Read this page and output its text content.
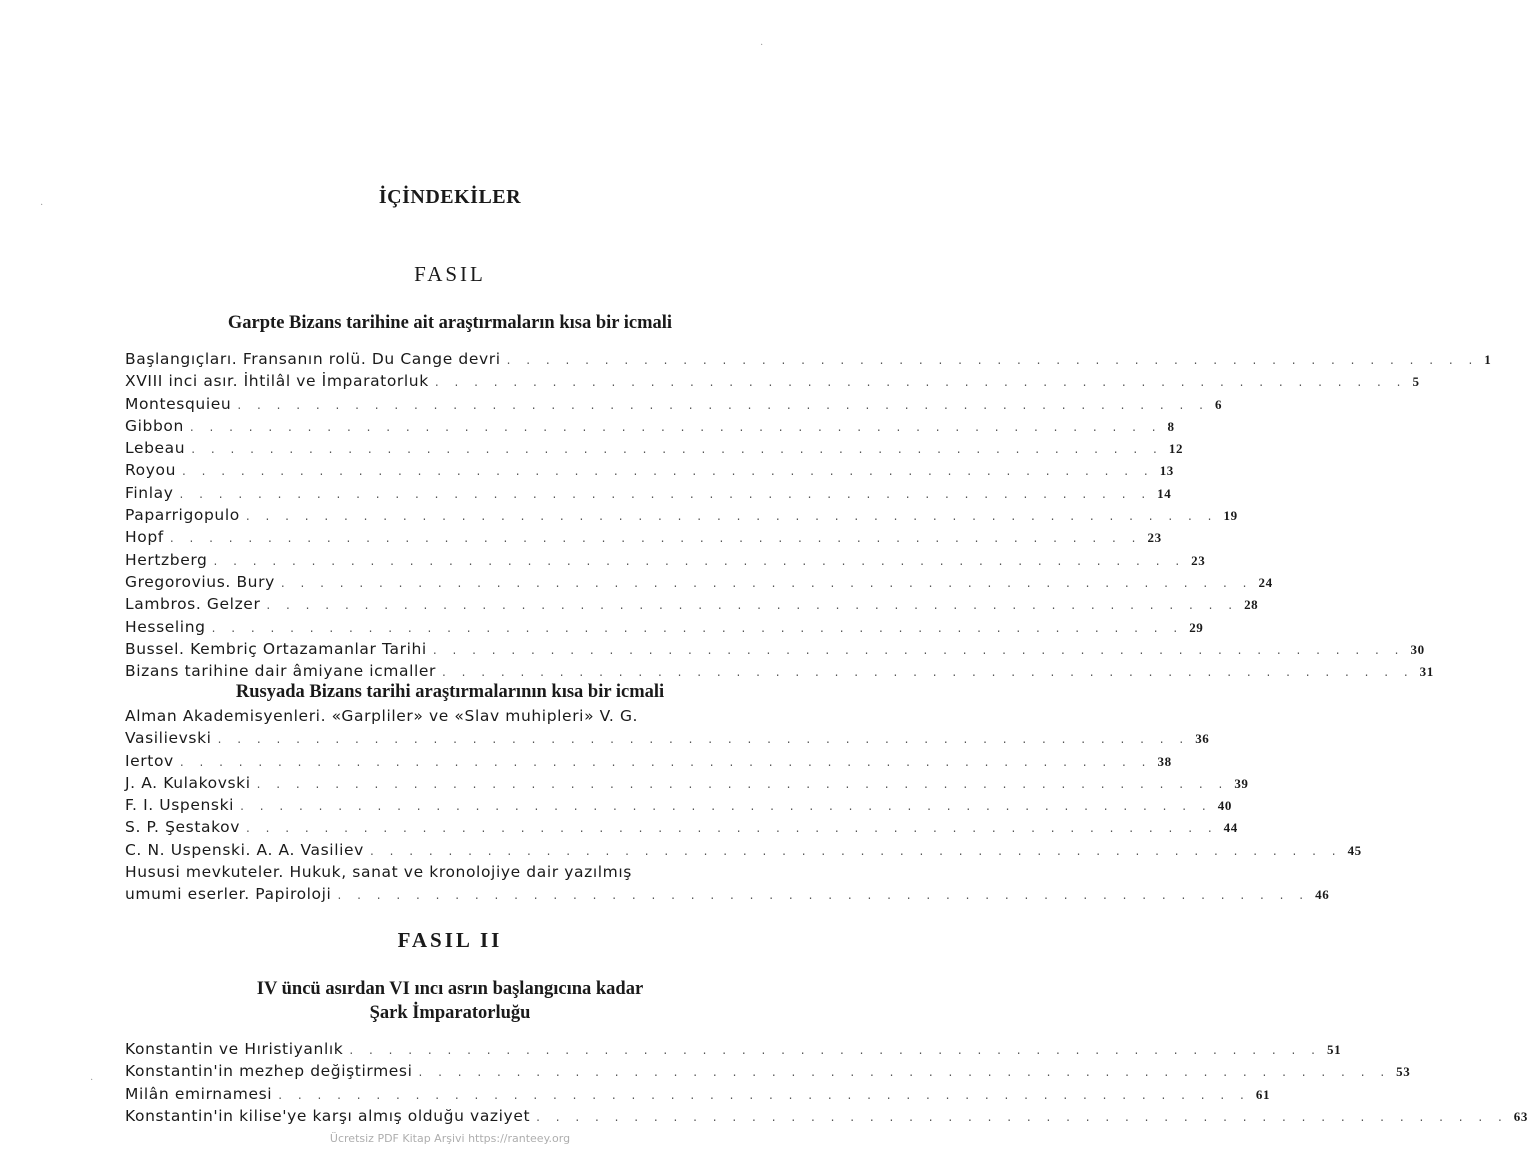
İÇİNDEKİLER
FASIL
Garpte Bizans tarihine ait araştırmaların kısa bir icmali
Başlangıçları. Fransanın rolü. Du Cange devri . . . . . . . . . . . . . . . . . . . . . . . . . . . . . . . . . . . . . . . . . . . . . . . . . . 1
XVIII inci asır. İhtilâl ve İmparatorluk . . . . . . . . . . . . . . . . . . . . . . . . . . . . . . . . . . . . . . . . . . . . . . . . . . 5
Montesquieu . . . . . . . . . . . . . . . . . . . . . . . . . . . . . . . . . . . . . . . . . . . . . . . . . . 6
Gibbon . . . . . . . . . . . . . . . . . . . . . . . . . . . . . . . . . . . . . . . . . . . . . . . . . . 8
Lebeau . . . . . . . . . . . . . . . . . . . . . . . . . . . . . . . . . . . . . . . . . . . . . . . . . . 12
Royou . . . . . . . . . . . . . . . . . . . . . . . . . . . . . . . . . . . . . . . . . . . . . . . . . . 13
Finlay . . . . . . . . . . . . . . . . . . . . . . . . . . . . . . . . . . . . . . . . . . . . . . . . . . 14
Paparrigopulo . . . . . . . . . . . . . . . . . . . . . . . . . . . . . . . . . . . . . . . . . . . . . . . . . . 19
Hopf . . . . . . . . . . . . . . . . . . . . . . . . . . . . . . . . . . . . . . . . . . . . . . . . . . 23
Hertzberg . . . . . . . . . . . . . . . . . . . . . . . . . . . . . . . . . . . . . . . . . . . . . . . . . . 23
Gregorovius. Bury . . . . . . . . . . . . . . . . . . . . . . . . . . . . . . . . . . . . . . . . . . . . . . . . . . 24
Lambros. Gelzer . . . . . . . . . . . . . . . . . . . . . . . . . . . . . . . . . . . . . . . . . . . . . . . . . . 28
Hesseling . . . . . . . . . . . . . . . . . . . . . . . . . . . . . . . . . . . . . . . . . . . . . . . . . . 29
Bussel. Kembriç Ortazamanlar Tarihi . . . . . . . . . . . . . . . . . . . . . . . . . . . . . . . . . . . . . . . . . . . . . . . . . . 30
Bizans tarihine dair âmiyane icmaller . . . . . . . . . . . . . . . . . . . . . . . . . . . . . . . . . . . . . . . . . . . . . . . . . . 31
Rusyada Bizans tarihi araştırmalarının kısa bir icmali
Alman Akademisyenleri. «Garpliler» ve «Slav muhipleri» V. G.
Vasilievski . . . . . . . . . . . . . . . . . . . . . . . . . . . . . . . . . . . . . . . . . . . . . . . . . . 36
Iertov . . . . . . . . . . . . . . . . . . . . . . . . . . . . . . . . . . . . . . . . . . . . . . . . . . 38
J. A. Kulakovski . . . . . . . . . . . . . . . . . . . . . . . . . . . . . . . . . . . . . . . . . . . . . . . . . . 39
F. I. Uspenski . . . . . . . . . . . . . . . . . . . . . . . . . . . . . . . . . . . . . . . . . . . . . . . . . . 40
S. P. Şestakov . . . . . . . . . . . . . . . . . . . . . . . . . . . . . . . . . . . . . . . . . . . . . . . . . . 44
C. N. Uspenski. A. A. Vasiliev . . . . . . . . . . . . . . . . . . . . . . . . . . . . . . . . . . . . . . . . . . . . . . . . . . 45
Hususi mevkuteler. Hukuk, sanat ve kronolojiye dair yazılmış
umumi eserler. Papiroloji . . . . . . . . . . . . . . . . . . . . . . . . . . . . . . . . . . . . . . . . . . . . . . . . . . 46
FASIL II
IV üncü asırdan VI ıncı asrın başlangıcına kadar
Şark İmparatorluğu
Konstantin ve Hıristiyanlık . . . . . . . . . . . . . . . . . . . . . . . . . . . . . . . . . . . . . . . . . . . . . . . . . . 51
Konstantin'in mezhep değiştirmesi . . . . . . . . . . . . . . . . . . . . . . . . . . . . . . . . . . . . . . . . . . . . . . . . . . 53
Milân emirnamesi . . . . . . . . . . . . . . . . . . . . . . . . . . . . . . . . . . . . . . . . . . . . . . . . . . 61
Konstantin'in kilise'ye karşı almış olduğu vaziyet . . . . . . . . . . . . . . . . . . . . . . . . . . . . . . . . . . . . . . . . . . . . . . . . . . 63
Ücretsiz PDF Kitap Arşivi https://ranteey.org
·
·
·
